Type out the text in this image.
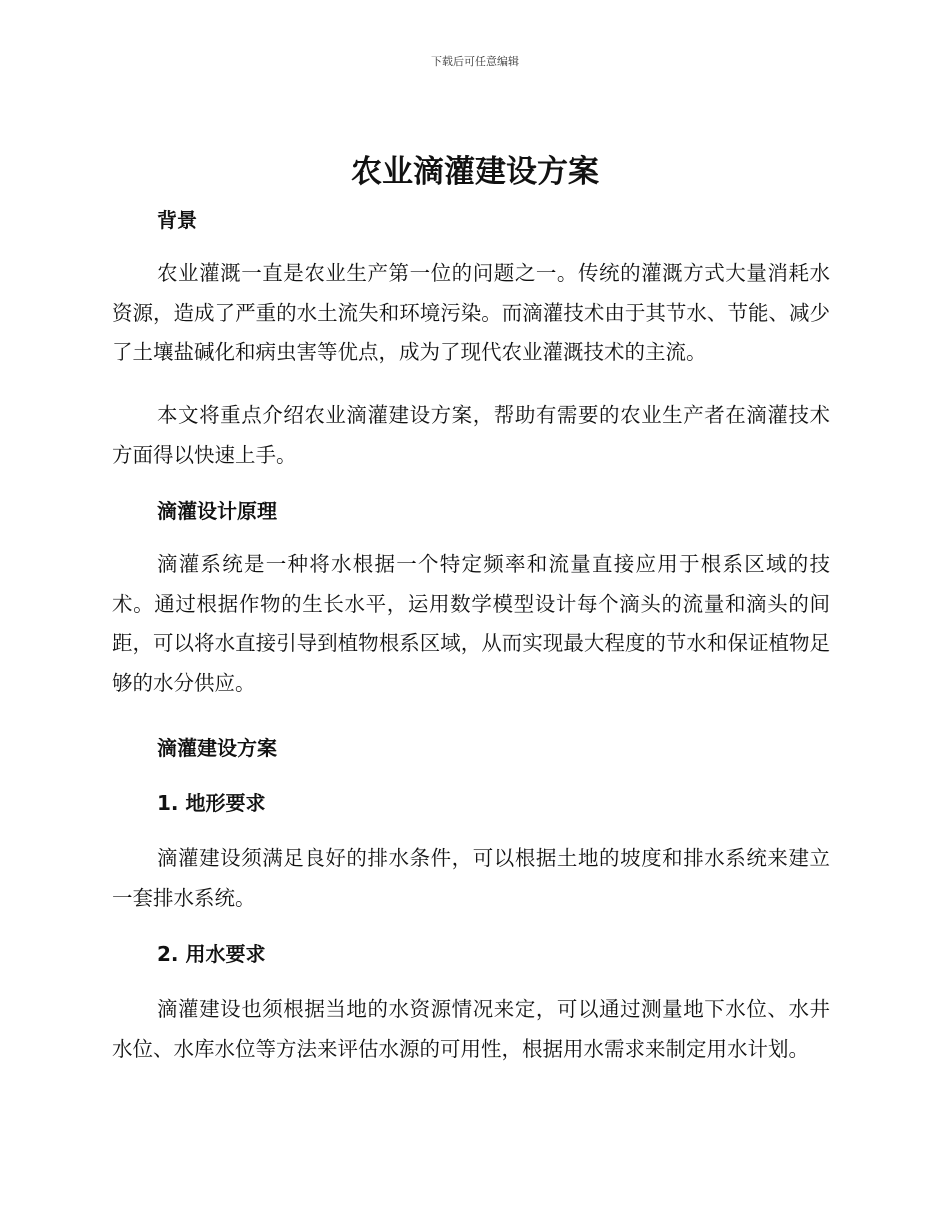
下载后可任意编辑
农业滴灌建设方案
背景

农业灌溉一直是农业生产第一位的问题之一。传统的灌溉方式大量消耗水资源，造成了严重的水土流失和环境污染。而滴灌技术由于其节水、节能、减少了土壤盐碱化和病虫害等优点，成为了现代农业灌溉技术的主流。

本文将重点介绍农业滴灌建设方案，帮助有需要的农业生产者在滴灌技术方面得以快速上手。

滴灌设计原理

滴灌系统是一种将水根据一个特定频率和流量直接应用于根系区域的技术。通过根据作物的生长水平，运用数学模型设计每个滴头的流量和滴头的间距，可以将水直接引导到植物根系区域，从而实现最大程度的节水和保证植物足够的水分供应。

滴灌建设方案
1. 地形要求

滴灌建设须满足良好的排水条件，可以根据土地的坡度和排水系统来建立一套排水系统。

2. 用水要求

滴灌建设也须根据当地的水资源情况来定，可以通过测量地下水位、水井水位、水库水位等方法来评估水源的可用性，根据用水需求来制定用水计划。
